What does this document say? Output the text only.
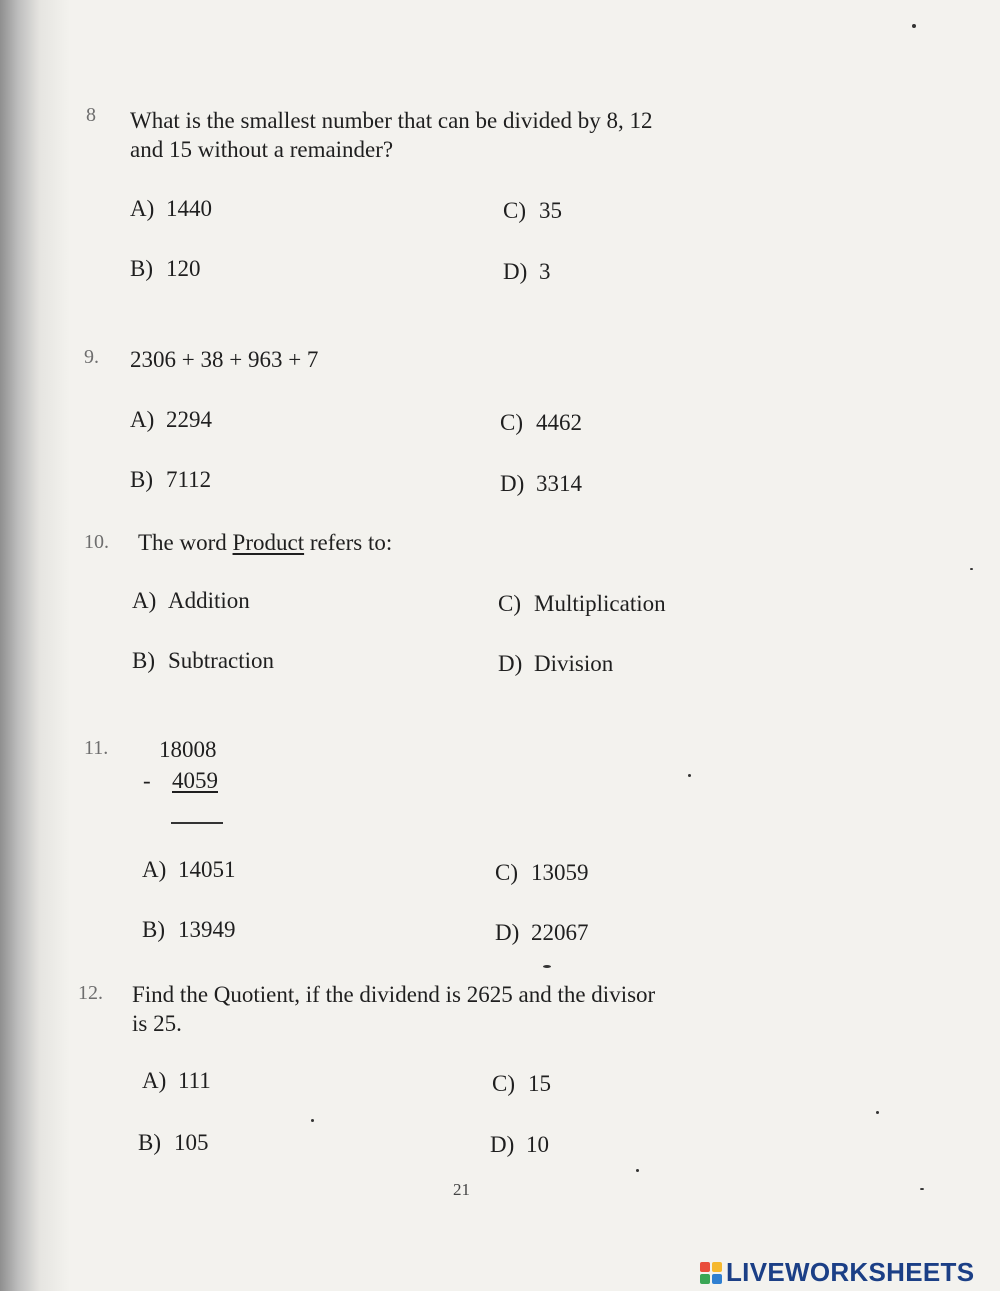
8 What is the smallest number that can be divided by 8, 12
and 15 without a remainder?
A) 1440	C) 35
B) 120	D) 3
9. 2306 + 38 + 963 + 7
A) 2294	C) 4462
B) 7112	D) 3314
10. The word Product refers to:
A) Addition	C) Multiplication
B) Subtraction	D) Division
11. 18008
- 4059
A) 14051	C) 13059
B) 13949	D) 22067
12. Find the Quotient, if the dividend is 2625 and the divisor
is 25.
A) 111	C) 15
B) 105	D) 10
21
LIVEWORKSHEETS
